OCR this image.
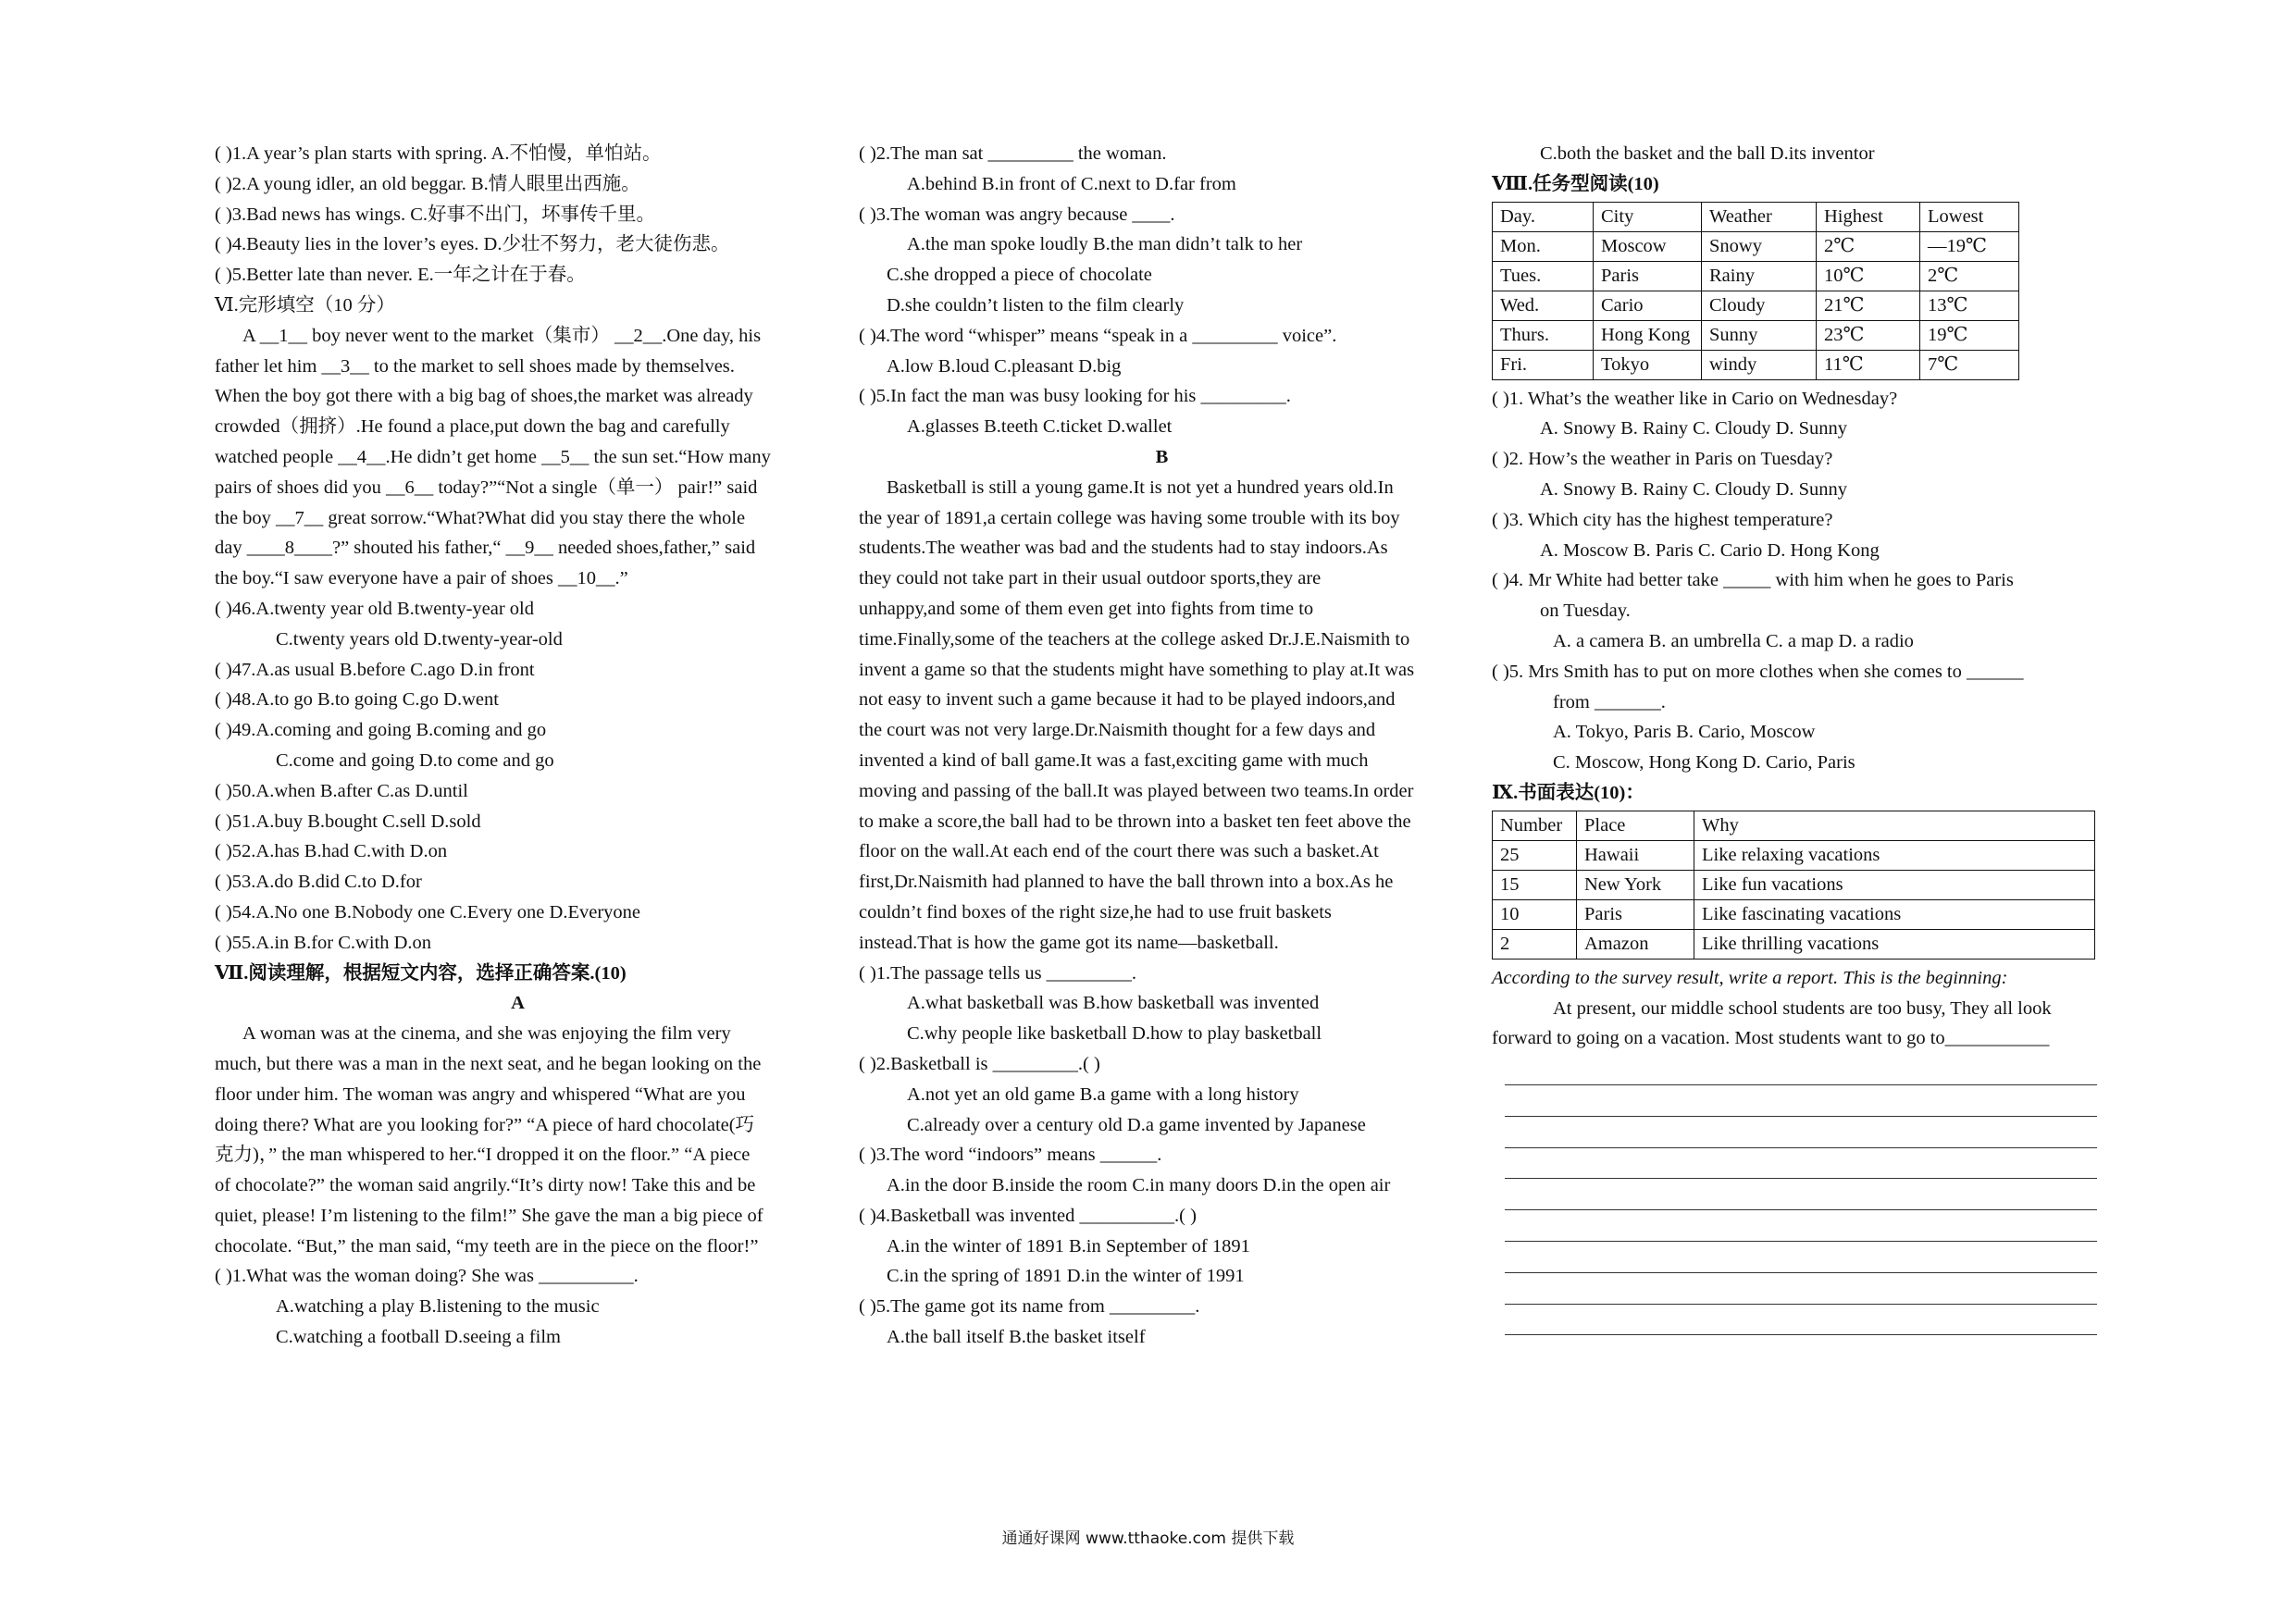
( )1.A year’s plan starts with spring. A.不怕慢，单怕站。
( )2.A young idler, an old beggar. B.情人眼里出西施。
( )3.Bad news has wings. C.好事不出门，坏事传千里。
( )4.Beauty lies in the lover’s eyes. D.少壮不努力，老大徒伤悲。
( )5.Better late than never. E.一年之计在于春。
Ⅵ.完形填空（10 分）
A __1__ boy never went to the market（集市） __2__.One day, his
father let him __3__ to the market to sell shoes made by themselves.
When the boy got there with a big bag of shoes,the market was already
crowded（拥挤）.He found a place,put down the bag and carefully
watched people __4__.He didn’t get home __5__ the sun set.“How many
pairs of shoes did you __6__ today?”“Not a single（单一） pair!” said
the boy __7__ great sorrow.“What?What did you stay there the whole
day ____8____?” shouted his father,“ __9__ needed shoes,father,” said
the boy.“I saw everyone have a pair of shoes __10__.”
( )46.A.twenty year old B.twenty-year old
C.twenty years old D.twenty-year-old
( )47.A.as usual B.before C.ago D.in front
( )48.A.to go B.to going C.go D.went
( )49.A.coming and going B.coming and go
C.come and going D.to come and go
( )50.A.when B.after C.as D.until
( )51.A.buy B.bought C.sell D.sold
( )52.A.has B.had C.with D.on
( )53.A.do B.did C.to D.for
( )54.A.No one B.Nobody one C.Every one D.Everyone
( )55.A.in B.for C.with D.on
Ⅶ.阅读理解，根据短文内容，选择正确答案.(10)
A
A woman was at the cinema, and she was enjoying the film very
much, but there was a man in the next seat, and he began looking on the
floor under him. The woman was angry and whispered “What are you
doing there? What are you looking for?” “A piece of hard chocolate(巧
克力)，” the man whispered to her.“I dropped it on the floor.” “A piece
of chocolate?” the woman said angrily.“It’s dirty now! Take this and be
quiet, please! I’m listening to the film!” She gave the man a big piece of
chocolate. “But,” the man said, “my teeth are in the piece on the floor!”
( )1.What was the woman doing? She was __________.
A.watching a play B.listening to the music
C.watching a football D.seeing a film
( )2.The man sat _________ the woman.
A.behind B.in front of C.next to D.far from
( )3.The woman was angry because ____.
A.the man spoke loudly B.the man didn’t talk to her
C.she dropped a piece of chocolate
D.she couldn’t listen to the film clearly
( )4.The word “whisper” means “speak in a _________ voice”.
A.low B.loud C.pleasant D.big
( )5.In fact the man was busy looking for his _________.
A.glasses B.teeth C.ticket D.wallet
B
Basketball is still a young game.It is not yet a hundred years old.In
the year of 1891,a certain college was having some trouble with its boy
students.The weather was bad and the students had to stay indoors.As
they could not take part in their usual outdoor sports,they are
unhappy,and some of them even get into fights from time to
time.Finally,some of the teachers at the college asked Dr.J.E.Naismith to
invent a game so that the students might have something to play at.It was
not easy to invent such a game because it had to be played indoors,and
the court was not very large.Dr.Naismith thought for a few days and
invented a kind of ball game.It was a fast,exciting game with much
moving and passing of the ball.It was played between two teams.In order
to make a score,the ball had to be thrown into a basket ten feet above the
floor on the wall.At each end of the court there was such a basket.At
first,Dr.Naismith had planned to have the ball thrown into a box.As he
couldn’t find boxes of the right size,he had to use fruit baskets
instead.That is how the game got its name—basketball.
( )1.The passage tells us _________.
A.what basketball was B.how basketball was invented
C.why people like basketball D.how to play basketball
( )2.Basketball is _________.( )
A.not yet an old game B.a game with a long history
C.already over a century old D.a game invented by Japanese
( )3.The word “indoors” means ______.
A.in the door B.inside the room C.in many doors D.in the open air
( )4.Basketball was invented __________.( )
A.in the winter of 1891 B.in September of 1891
C.in the spring of 1891 D.in the winter of 1991
( )5.The game got its name from _________.
A.the ball itself B.the basket itself
C.both the basket and the ball D.its inventor
Ⅷ.任务型阅读(10)
Day.	City	Weather	Highest	Lowest
Mon.	Moscow	Snowy	2℃	—19℃
Tues.	Paris	Rainy	10℃	2℃
Wed.	Cario	Cloudy	21℃	13℃
Thurs.	Hong Kong	Sunny	23℃	19℃
Fri.	Tokyo	windy	11℃	7℃
( )1. What’s the weather like in Cario on Wednesday?
A. Snowy B. Rainy C. Cloudy D. Sunny
( )2. How’s the weather in Paris on Tuesday?
A. Snowy B. Rainy C. Cloudy D. Sunny
( )3. Which city has the highest temperature?
A. Moscow B. Paris C. Cario D. Hong Kong
( )4. Mr White had better take _____ with him when he goes to Paris
on Tuesday.
A. a camera B. an umbrella C. a map D. a radio
( )5. Mrs Smith has to put on more clothes when she comes to ______
from _______.
A. Tokyo, Paris B. Cario, Moscow
C. Moscow, Hong Kong D. Cario, Paris
Ⅸ.书面表达(10)：
Number	Place	Why
25	Hawaii	Like relaxing vacations
15	New York	Like fun vacations
10	Paris	Like fascinating vacations
2	Amazon	Like thrilling vacations
According to the survey result, write a report. This is the beginning:
At present, our middle school students are too busy, They all look
forward to going on a vacation. Most students want to go to___________
通通好课网 www.tthaoke.com 提供下载
